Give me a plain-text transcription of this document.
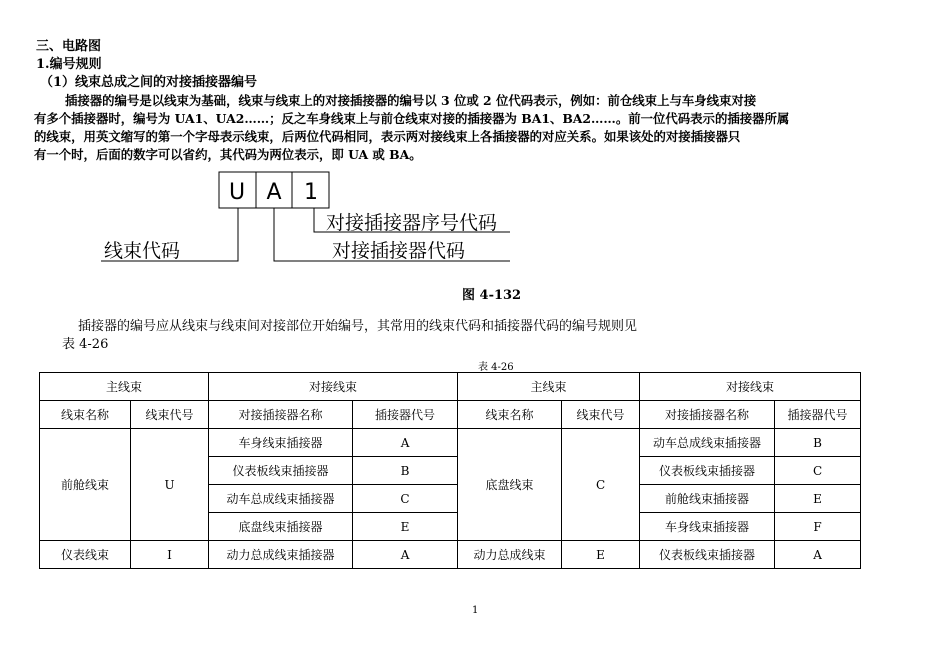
三、电路图
1.编号规则
（1）线束总成之间的对接插接器编号
插接器的编号是以线束为基础，线束与线束上的对接插接器的编号以 3 位或 2 位代码表示，例如：前仓线束上与车身线束对接
有多个插接器时，编号为 UA1、UA2……；反之车身线束上与前仓线束对接的插接器为 BA1、BA2……。前一位代码表示的插接器所属
的线束，用英文缩写的第一个字母表示线束，后两位代码相同，表示两对接线束上各插接器的对应关系。如果该处的对接插接器只
有一个时，后面的数字可以省约，其代码为两位表示，即 UA 或 BA。
U A 1
对接插接器序号代码
线束代码	对接插接器代码
图 4-132
插接器的编号应从线束与线束间对接部位开始编号，其常用的线束代码和插接器代码的编号规则见
表 4-26
表 4-26
主线束		对接线束		主线束		对接线束	
线束名称	线束代号	对接插接器名称	插接器代号	线束名称	线束代号	对接插接器名称	插接器代号
前舱线束	U	车身线束插接器	A	底盘线束	C	动车总成线束插接器	B
		仪表板线束插接器	B			仪表板线束插接器	C
		动车总成线束插接器	C			前舱线束插接器	E
		底盘线束插接器	E			车身线束插接器	F
仪表线束	I	动力总成线束插接器	A	动力总成线束	E	仪表板线束插接器	A
1
